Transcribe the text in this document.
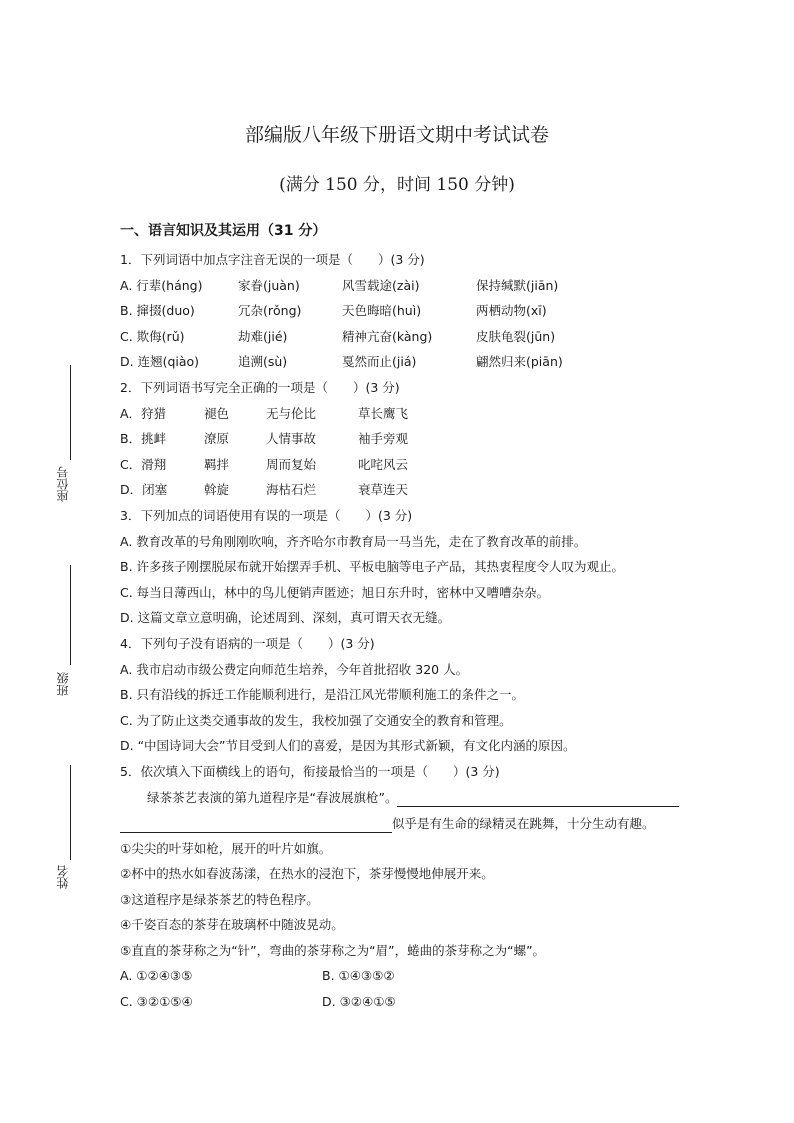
座位号
班级
姓名
部编版八年级下册语文期中考试试卷
(满分 150 分，时间 150 分钟)
一、语言知识及其运用（31 分）
1．下列词语中加点字注音无误的一项是（　　）(3 分)
A. 行辈(háng)	家眷(juàn)	风雪载途(zài)	保持缄默(jiān)
B. 撺掇(duo)	冗杂(rǒng)	天色晦暗(huì)	两栖动物(xī)
C. 欺侮(rǔ)	劫难(jié)	精神亢奋(kàng)	皮肤龟裂(jūn)
D. 连翘(qiào)	追溯(sù)	戛然而止(jiá)	翩然归来(piān)
2．下列词语书写完全正确的一项是（　　）(3 分)
A．狩猎	褪色	无与伦比	草长鹰飞
B．挑衅	潦原	人情事故	袖手旁观
C．滑翔	羁拌	周而复始	叱咤风云
D．闭塞	斡旋	海枯石烂	衰草连天
3．下列加点的词语使用有误的一项是（　　）(3 分)
A. 教育改革的号角刚刚吹响，齐齐哈尔市教育局一马当先，走在了教育改革的前排。
B. 许多孩子刚摆脱尿布就开始摆弄手机、平板电脑等电子产品，其热衷程度令人叹为观止。
C. 每当日薄西山，林中的鸟儿便销声匿迹；旭日东升时，密林中又嘈嘈杂杂。
D. 这篇文章立意明确，论述周到、深刻，真可谓天衣无缝。
4．下列句子没有语病的一项是（　　）(3 分)
A. 我市启动市级公费定向师范生培养，今年首批招收 320 人。
B. 只有沿线的拆迁工作能顺利进行，是沿江风光带顺利施工的条件之一。
C. 为了防止这类交通事故的发生，我校加强了交通安全的教育和管理。
D. “中国诗词大会”节目受到人们的喜爱，是因为其形式新颖，有文化内涵的原因。
5．依次填入下面横线上的语句，衔接最恰当的一项是（　　）(3 分)
绿茶茶艺表演的第九道程序是“春波展旗枪”。
似乎是有生命的绿精灵在跳舞，十分生动有趣。
①尖尖的叶芽如枪，展开的叶片如旗。
②杯中的热水如春波荡漾，在热水的浸泡下，茶芽慢慢地伸展开来。
③这道程序是绿茶茶艺的特色程序。
④千姿百态的茶芽在玻璃杯中随波晃动。
⑤直直的茶芽称之为“针”，弯曲的茶芽称之为“眉”，蜷曲的茶芽称之为“螺”。
A. ①②④③⑤	B. ①④③⑤②
C. ③②①⑤④	D. ③②④①⑤
